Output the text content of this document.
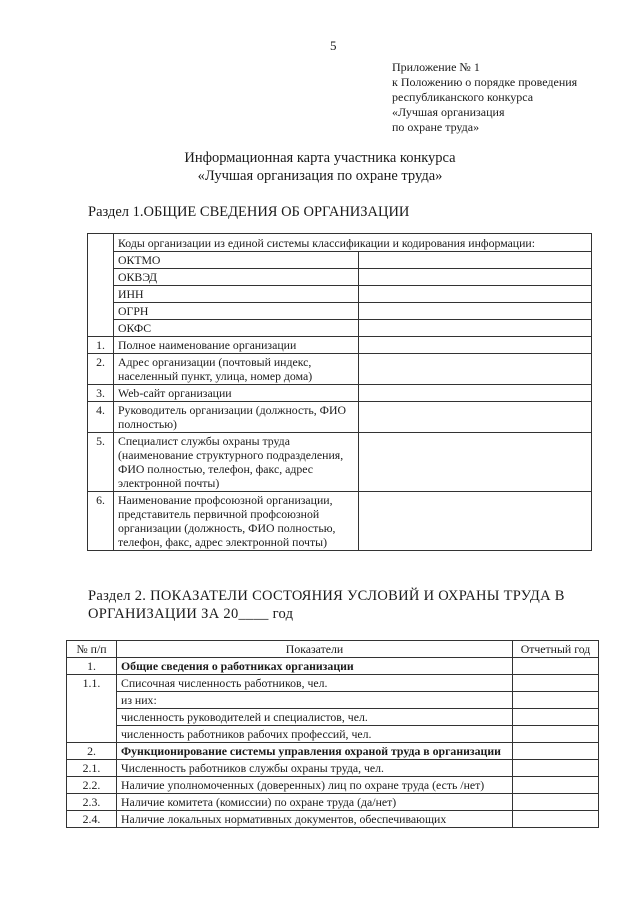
5
Приложение № 1
к Положению о порядке проведения
республиканского конкурса
«Лучшая организация
по охране труда»
Информационная карта участника конкурса
«Лучшая организация по охране труда»
Раздел 1.ОБЩИЕ СВЕДЕНИЯ ОБ ОРГАНИЗАЦИИ
	Коды организации из единой системы классификации и кодирования информации:	
	ОКТМО	
	ОКВЭД	
	ИНН	
	ОГРН	
	ОКФС	
1.	Полное наименование организации	
2.	Адрес организации (почтовый индекс, населенный пункт, улица, номер дома)	
3.	Web-сайт организации	
4.	Руководитель организации (должность, ФИО полностью)	
5.	Специалист службы охраны труда (наименование структурного подразделения, ФИО полностью, телефон, факс, адрес электронной почты)	
6.	Наименование профсоюзной организации, представитель первичной профсоюзной организации (должность, ФИО полностью, телефон, факс, адрес электронной почты)	
Раздел 2. ПОКАЗАТЕЛИ СОСТОЯНИЯ УСЛОВИЙ И ОХРАНЫ ТРУДА В ОРГАНИЗАЦИИ ЗА 20____ год
№ п/п	Показатели	Отчетный год
1.	Общие сведения о работниках организации	
1.1.	Списочная численность работников, чел.	
	из них:	
	численность руководителей и специалистов, чел.	
	численность работников рабочих профессий, чел.	
2.	Функционирование системы управления охраной труда в организации	
2.1.	Численность работников службы охраны труда, чел.	
2.2.	Наличие уполномоченных (доверенных) лиц по охране труда (есть /нет)	
2.3.	Наличие комитета (комиссии) по охране труда (да/нет)	
2.4.	Наличие локальных нормативных документов, обеспечивающих	
